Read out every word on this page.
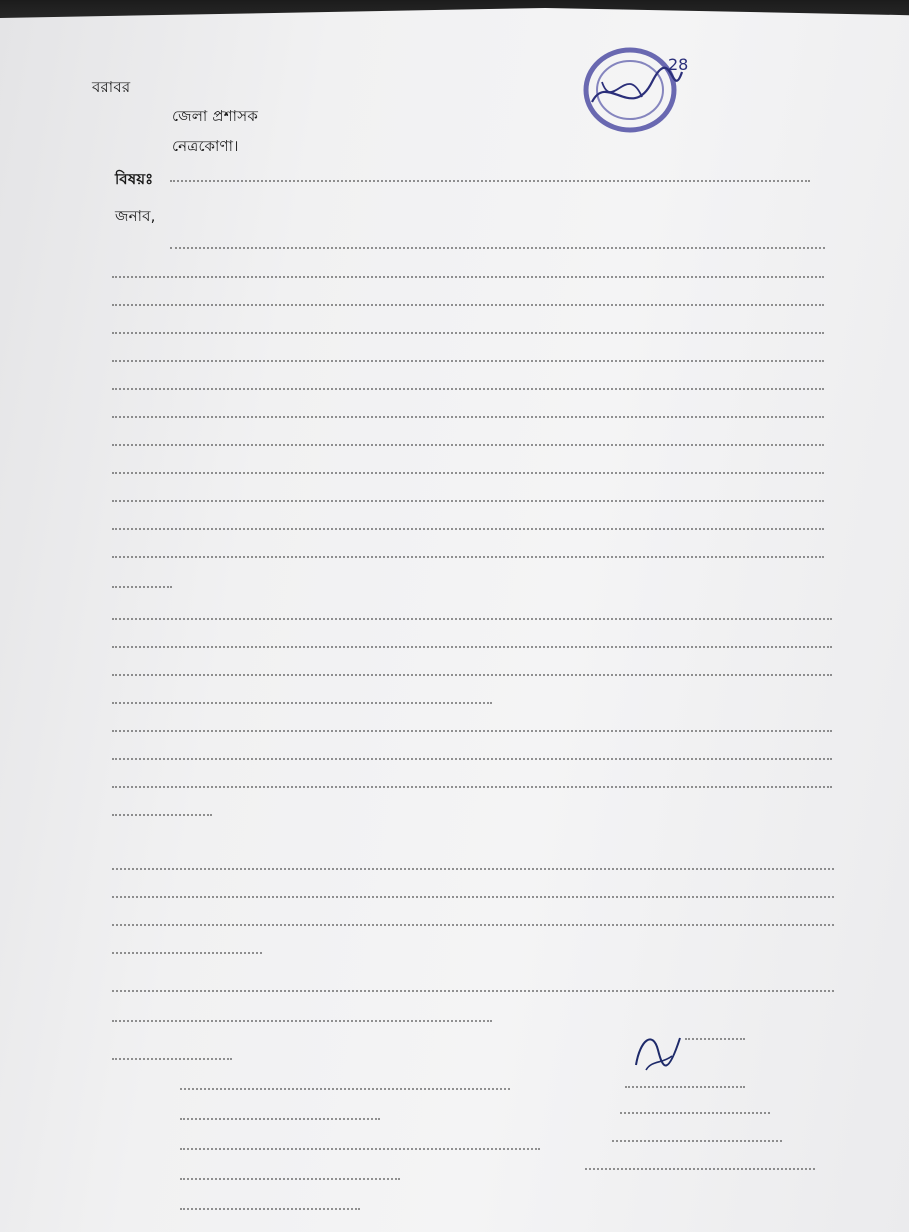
28
বরাবর
জেলা প্রশাসক
নেত্রকোণা।
বিষয়ঃ
জনাব,
